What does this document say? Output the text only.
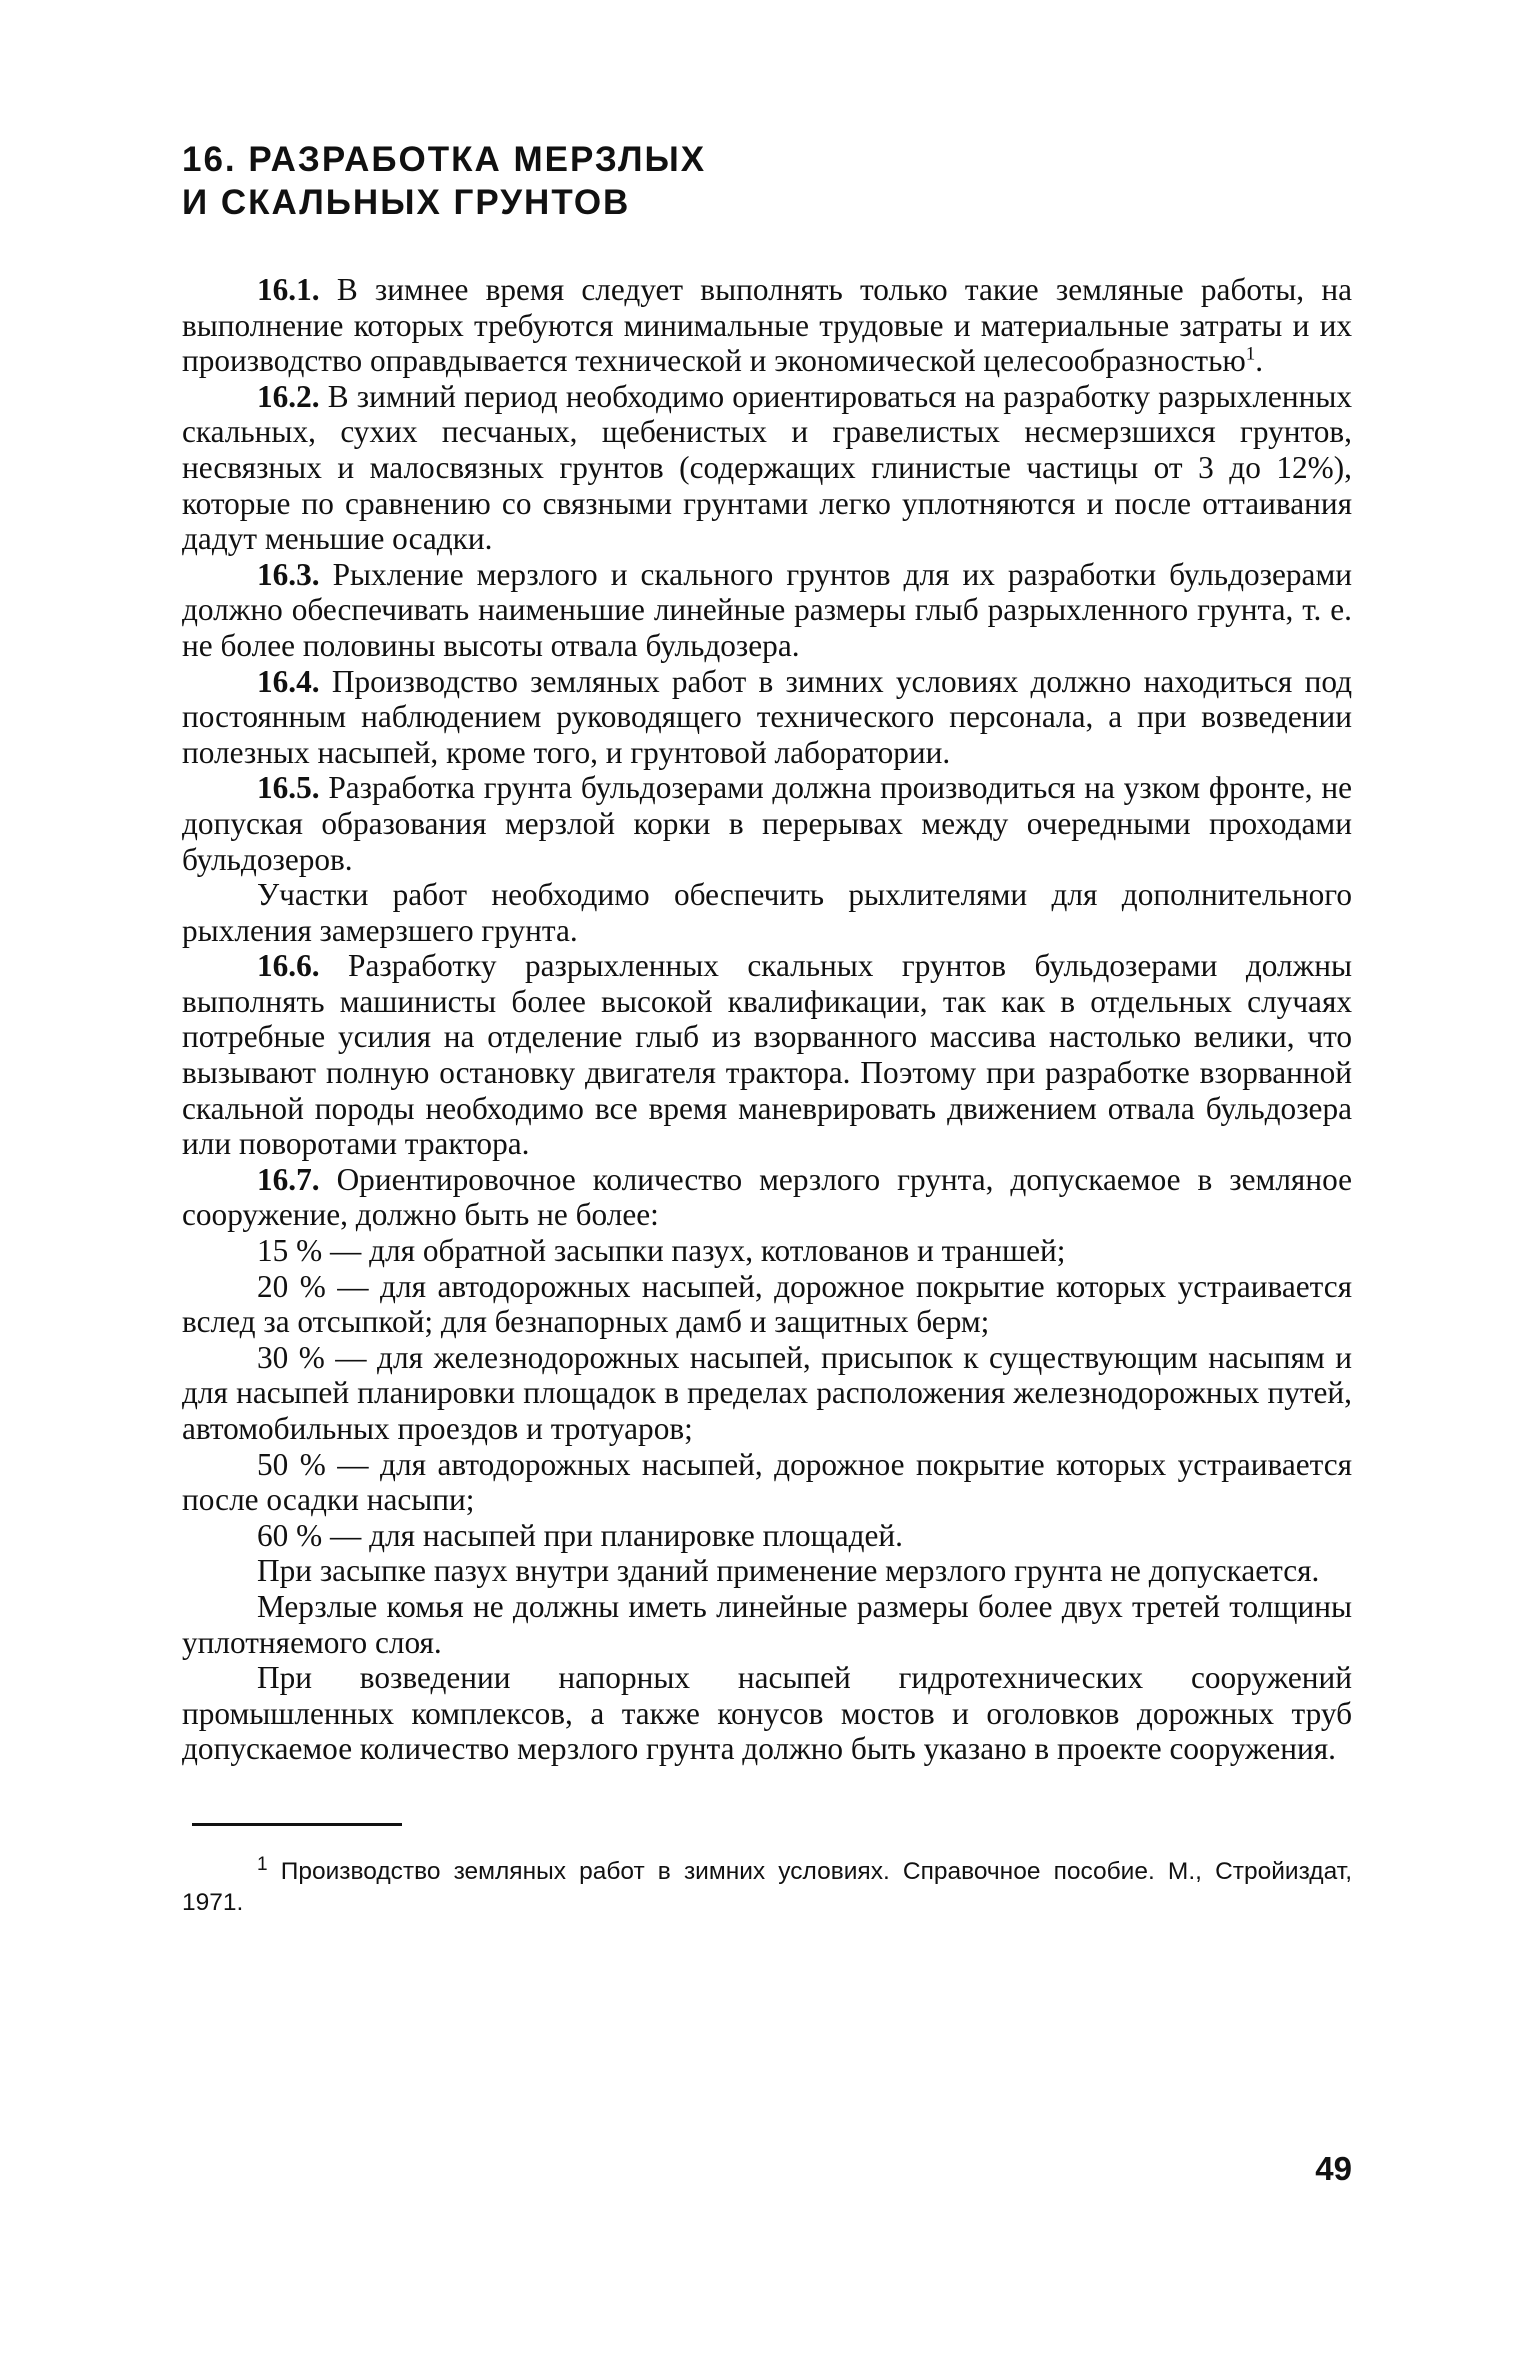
16. РАЗРАБОТКА МЕРЗЛЫХ
И СКАЛЬНЫХ ГРУНТОВ

16.1. В зимнее время следует выполнять только такие земляные работы, на выполнение которых требуются минимальные трудовые и материальные затраты и их производство оправдывается технической и экономической целесообразностью$^1$.

16.2. В зимний период необходимо ориентироваться на разработку разрыхленных скальных, сухих песчаных, щебенистых и гравелистых несмерзшихся грунтов, несвязных и малосвязных грунтов (содержащих глинистые частицы от 3 до 12%), которые по сравнению со связными грунтами легко уплотняются и после оттаивания дадут меньшие осадки.

16.3. Рыхление мерзлого и скального грунтов для их разработки бульдозерами должно обеспечивать наименьшие линейные размеры глыб разрыхленного грунта, т. е. не более половины высоты отвала бульдозера.

16.4. Производство земляных работ в зимних условиях должно находиться под постоянным наблюдением руководящего технического персонала, а при возведении полезных насыпей, кроме того, и грунтовой лаборатории.

16.5. Разработка грунта бульдозерами должна производиться на узком фронте, не допуская образования мерзлой корки в перерывах между очередными проходами бульдозеров.

Участки работ необходимо обеспечить рыхлителями для дополнительного рыхления замерзшего грунта.

16.6. Разработку разрыхленных скальных грунтов бульдозерами должны выполнять машинисты более высокой квалификации, так как в отдельных случаях потребные усилия на отделение глыб из взорванного массива настолько велики, что вызывают полную остановку двигателя трактора. Поэтому при разработке взорванной скальной породы необходимо все время маневрировать движением отвала бульдозера или поворотами трактора.

16.7. Ориентировочное количество мерзлого грунта, допускаемое в земляное сооружение, должно быть не более:

15 % — для обратной засыпки пазух, котлованов и траншей;

20 % — для автодорожных насыпей, дорожное покрытие которых устраивается вслед за отсыпкой; для безнапорных дамб и защитных берм;

30 % — для железнодорожных насыпей, присыпок к существующим насыпям и для насыпей планировки площадок в пределах расположения железнодорожных путей, автомобильных проездов и тротуаров;

50 % — для автодорожных насыпей, дорожное покрытие которых устраивается после осадки насыпи;

60 % — для насыпей при планировке площадей.

При засыпке пазух внутри зданий применение мерзлого грунта не допускается.

Мерзлые комья не должны иметь линейные размеры более двух третей толщины уплотняемого слоя.

При возведении напорных насыпей гидротехнических сооружений промышленных комплексов, а также конусов мостов и оголовков дорожных труб допускаемое количество мерзлого грунта должно быть указано в проекте сооружения.

$^1$ Производство земляных работ в зимних условиях. Справочное пособие. М., Стройиздат, 1971.

49
